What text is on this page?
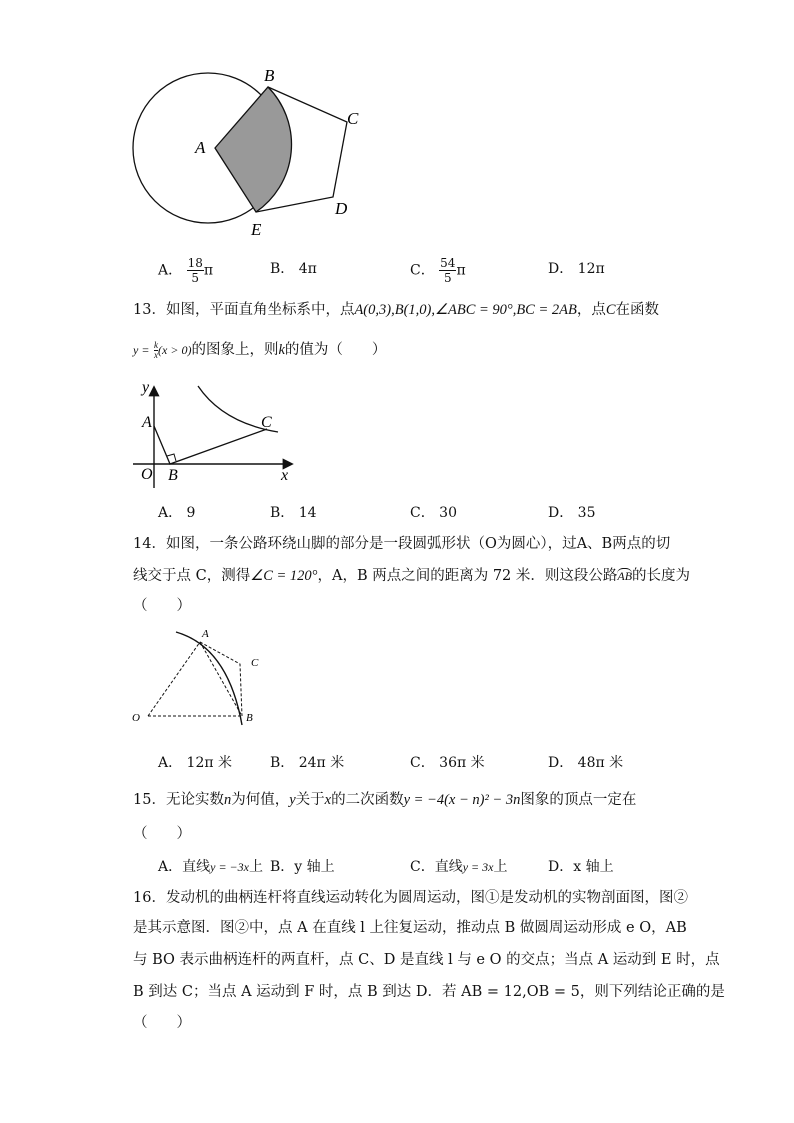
A
B
C
D
E
A． $\frac{18}{5}$ π	B． 4π	C． $\frac{54}{5}$ π	D． 12π
13．如图，平面直角坐标系中，点A(0,3),B(1,0),∠ABC = 90°,BC = 2AB，点C在函数
$y = \frac{k}{x} (x > 0)$的图象上，则k的值为（　　）
y
x
O
A
B
C
A． 9	B． 14	C． 30	D． 35
14．如图，一条公路环绕山脚的部分是一段圆弧形状（O为圆心），过A、B两点的切
线交于点 C，测得∠C = 120°，A，B 两点之间的距离为 72 米．则这段公路AB的长度为
（　　）
A
C
O	B
A． 12π 米	B． 24π 米	C． 36π 米	D． 48π 米
15．无论实数n为何值，y关于x的二次函数y = −4(x − n)² − 3n图象的顶点一定在
（　　）
A．直线y = −3x上 B．y 轴上	C．直线y = 3x上	D．x 轴上
16．发动机的曲柄连杆将直线运动转化为圆周运动，图①是发动机的实物剖面图，图②
是其示意图．图②中，点 A 在直线 l 上往复运动，推动点 B 做圆周运动形成 e O，AB
与 BO 表示曲柄连杆的两直杆，点 C、D 是直线 l 与 e O 的交点；当点 A 运动到 E 时，点
B 到达 C；当点 A 运动到 F 时，点 B 到达 D．若 AB = 12,OB = 5，则下列结论正确的是
（　　）
